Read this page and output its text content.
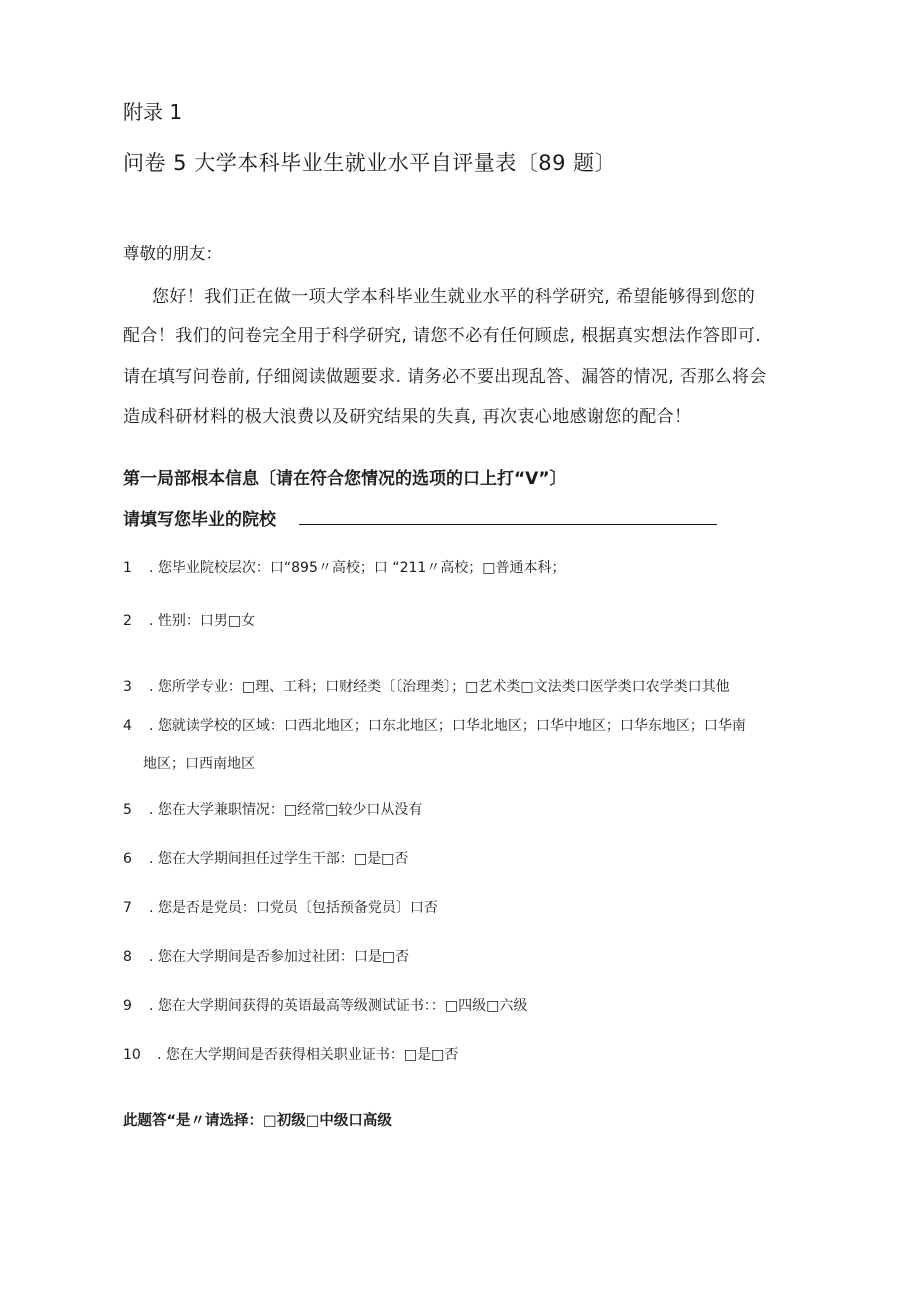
附录 1
问卷 5 大学本科毕业生就业水平自评量表〔89 题〕
尊敬的朋友：
您好！我们正在做一项大学本科毕业生就业水平的科学研究, 希望能够得到您的
配合！我们的问卷完全用于科学研究, 请您不必有任何顾虑, 根据真实想法作答即可.
请在填写问卷前, 仔细阅读做题要求. 请务必不要出现乱答、漏答的情况, 否那么将会
造成科研材料的极大浪费以及研究结果的失真, 再次衷心地感谢您的配合！
第一局部根本信息〔请在符合您情况的选项的口上打“V”〕
请填写您毕业的院校
1 . 您毕业院校层次：口“895〃高校；口 “211〃高校；□普通本科；
2 . 性别：口男□女
3 . 您所学专业：□理、工科；口财经类〔〔治理类〕；□艺术类□文法类口医学类口农学类口其他
4 . 您就读学校的区域：口西北地区；口东北地区；口华北地区；口华中地区；口华东地区；口华南
地区；口西南地区
5 . 您在大学兼职情况：□经常□较少口从没有
6 . 您在大学期间担任过学生干部：□是□否
7 . 您是否是党员：口党员〔包括预备党员〕口否
8 . 您在大学期间是否参加过社团：口是□否
9 . 您在大学期间获得的英语最高等级测试证书：：□四级□六级
10 . 您在大学期间是否获得相关职业证书：□是□否
此题答“是〃请选择：□初级□中级口高级
